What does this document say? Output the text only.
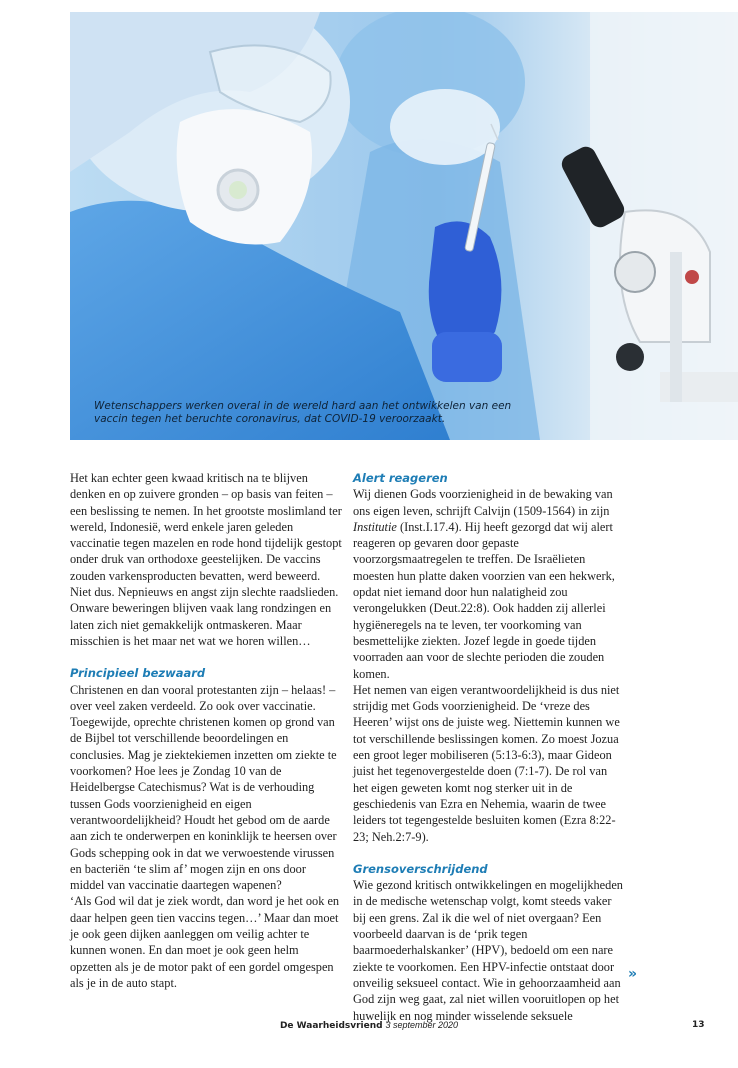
Wetenschappers werken overal in de wereld hard aan het ontwikkelen van een vaccin tegen het beruchte coronavirus, dat COVID-19 veroorzaakt.

Het kan echter geen kwaad kritisch na te blijven denken en op zuivere gronden – op basis van feiten – een beslissing te nemen. In het grootste moslimland ter wereld, Indonesië, werd enkele jaren geleden vaccinatie tegen mazelen en rode hond tijdelijk gestopt onder druk van orthodoxe geestelijken. De vaccins zouden varkensproducten bevatten, werd beweerd. Niet dus. Nepnieuws en angst zijn slechte raadslieden. Onware beweringen blijven vaak lang rondzingen en laten zich niet gemakkelijk ontmaskeren. Maar misschien is het maar net wat we horen willen…

Principieel bezwaard

Christenen en dan vooral protestanten zijn – helaas! – over veel zaken verdeeld. Zo ook over vaccinatie. Toegewijde, oprechte christenen komen op grond van de Bijbel tot verschillende beoordelingen en conclusies. Mag je ziektekiemen inzetten om ziekte te voorkomen? Hoe lees je Zondag 10 van de Heidelbergse Catechismus? Wat is de verhouding tussen Gods voorzienigheid en eigen verantwoordelijkheid? Houdt het gebod om de aarde aan zich te onderwerpen en koninklijk te heersen over Gods schepping ook in dat we verwoestende virussen en bacteriën ‘te slim af’ mogen zijn en ons door middel van vaccinatie daartegen wapenen?

‘Als God wil dat je ziek wordt, dan word je het ook en daar helpen geen tien vaccins tegen…’ Maar dan moet je ook geen dijken aanleggen om veilig achter te kunnen wonen. En dan moet je ook geen helm opzetten als je de motor pakt of een gordel omgespen als je in de auto stapt.

Alert reageren

Wij dienen Gods voorzienigheid in de bewaking van ons eigen leven, schrijft Calvijn (1509-1564) in zijn Institutie (Inst.I.17.4). Hij heeft gezorgd dat wij alert reageren op gevaren door gepaste voorzorgsmaatregelen te treffen. De Israëlieten moesten hun platte daken voorzien van een hekwerk, opdat niet iemand door hun nalatigheid zou verongelukken (Deut.22:8). Ook hadden zij allerlei hygiëneregels na te leven, ter voorkoming van besmettelijke ziekten. Jozef legde in goede tijden voorraden aan voor de slechte perioden die zouden komen.

Het nemen van eigen verantwoordelijkheid is dus niet strijdig met Gods voorzienigheid. De ‘vreze des Heeren’ wijst ons de juiste weg. Niettemin kunnen we tot verschillende beslissingen komen. Zo moest Jozua een groot leger mobiliseren (5:13-6:3), maar Gideon juist het tegenovergestelde doen (7:1-7). De rol van het eigen geweten komt nog sterker uit in de geschiedenis van Ezra en Nehemia, waarin de twee leiders tot tegengestelde besluiten komen (Ezra 8:22-23; Neh.2:7-9).

Grensoverschrijdend

Wie gezond kritisch ontwikkelingen en mogelijkheden in de medische wetenschap volgt, komt steeds vaker bij een grens. Zal ik die wel of niet overgaan? Een voorbeeld daarvan is de ‘prik tegen baarmoederhalskanker’ (HPV), bedoeld om een nare ziekte te voorkomen. Een HPV-infectie ontstaat door onveilig seksueel contact. Wie in gehoorzaamheid aan God zijn weg gaat, zal niet willen vooruitlopen op het huwelijk en nog minder wisselende seksuele

»
De Waarheidsvriend 3 september 2020	13
